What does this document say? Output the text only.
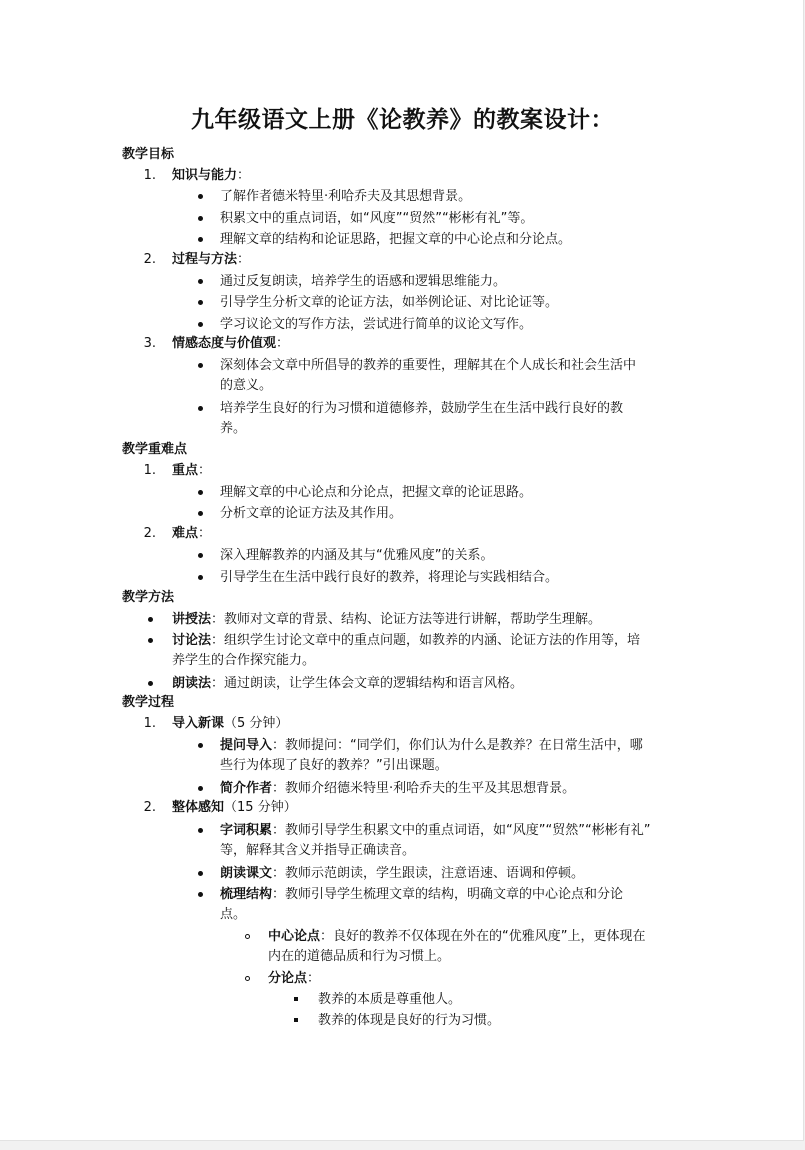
九年级语文上册《论教养》的教案设计：
教学目标
1. 知识与能力：
了解作者德米特里·利哈乔夫及其思想背景。
积累文中的重点词语，如“风度”“贸然”“彬彬有礼”等。
理解文章的结构和论证思路，把握文章的中心论点和分论点。
2. 过程与方法：
通过反复朗读，培养学生的语感和逻辑思维能力。
引导学生分析文章的论证方法，如举例论证、对比论证等。
学习议论文的写作方法，尝试进行简单的议论文写作。
3. 情感态度与价值观：
深刻体会文章中所倡导的教养的重要性，理解其在个人成长和社会生活中
的意义。
培养学生良好的行为习惯和道德修养，鼓励学生在生活中践行良好的教
养。
教学重难点
1. 重点：
理解文章的中心论点和分论点，把握文章的论证思路。
分析文章的论证方法及其作用。
2. 难点：
深入理解教养的内涵及其与“优雅风度”的关系。
引导学生在生活中践行良好的教养，将理论与实践相结合。
教学方法
讲授法：教师对文章的背景、结构、论证方法等进行讲解，帮助学生理解。
讨论法：组织学生讨论文章中的重点问题，如教养的内涵、论证方法的作用等，培
养学生的合作探究能力。
朗读法：通过朗读，让学生体会文章的逻辑结构和语言风格。
教学过程
1. 导入新课（5 分钟）
提问导入：教师提问：“同学们，你们认为什么是教养？在日常生活中，哪
些行为体现了良好的教养？”引出课题。
简介作者：教师介绍德米特里·利哈乔夫的生平及其思想背景。
2. 整体感知（15 分钟）
字词积累：教师引导学生积累文中的重点词语，如“风度”“贸然”“彬彬有礼”
等，解释其含义并指导正确读音。
朗读课文：教师示范朗读，学生跟读，注意语速、语调和停顿。
梳理结构：教师引导学生梳理文章的结构，明确文章的中心论点和分论
点。
中心论点：良好的教养不仅体现在外在的“优雅风度”上，更体现在
内在的道德品质和行为习惯上。
分论点：
教养的本质是尊重他人。
教养的体现是良好的行为习惯。
